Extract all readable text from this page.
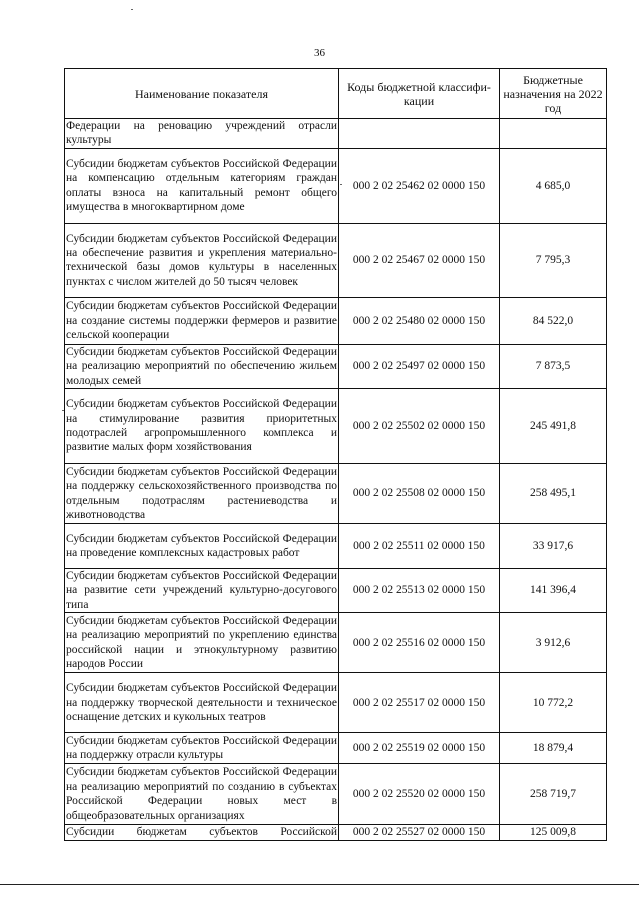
36
Наименование показателя	Коды бюджетной классифи-кации	Бюджетные назначения на 2022 год
Федерации на реновацию учреждений отрасли культуры		
Субсидии бюджетам субъектов Российской Федерации на компенсацию отдельным категориям граждан оплаты взноса на капитальный ремонт общего имущества в многоквартирном доме	000 2 02 25462 02 0000 150	4 685,0
Субсидии бюджетам субъектов Российской Федерации на обеспечение развития и укрепления материально-технической базы домов культуры в населенных пунктах с числом жителей до 50 тысяч человек	000 2 02 25467 02 0000 150	7 795,3
Субсидии бюджетам субъектов Российской Федерации на создание системы поддержки фермеров и развитие сельской кооперации	000 2 02 25480 02 0000 150	84 522,0
Субсидии бюджетам субъектов Российской Федерации на реализацию мероприятий по обеспечению жильем молодых семей	000 2 02 25497 02 0000 150	7 873,5
Субсидии бюджетам субъектов Российской Федерации на стимулирование развития приоритетных подотраслей агропромышленного комплекса и развитие малых форм хозяйствования	000 2 02 25502 02 0000 150	245 491,8
Субсидии бюджетам субъектов Российской Федерации на поддержку сельскохозяйственного производства по отдельным подотраслям растениеводства и животноводства	000 2 02 25508 02 0000 150	258 495,1
Субсидии бюджетам субъектов Российской Федерации на проведение комплексных кадастровых работ	000 2 02 25511 02 0000 150	33 917,6
Субсидии бюджетам субъектов Российской Федерации на развитие сети учреждений культурно-досугового типа	000 2 02 25513 02 0000 150	141 396,4
Субсидии бюджетам субъектов Российской Федерации на реализацию мероприятий по укреплению единства российской нации и этнокультурному развитию народов России	000 2 02 25516 02 0000 150	3 912,6
Субсидии бюджетам субъектов Российской Федерации на поддержку творческой деятельности и техническое оснащение детских и кукольных театров	000 2 02 25517 02 0000 150	10 772,2
Субсидии бюджетам субъектов Российской Федерации на поддержку отрасли культуры	000 2 02 25519 02 0000 150	18 879,4
Субсидии бюджетам субъектов Российской Федерации на реализацию мероприятий по созданию в субъектах Российской Федерации новых мест в общеобразовательных организациях	000 2 02 25520 02 0000 150	258 719,7
Субсидии бюджетам субъектов Российской	000 2 02 25527 02 0000 150	125 009,8
